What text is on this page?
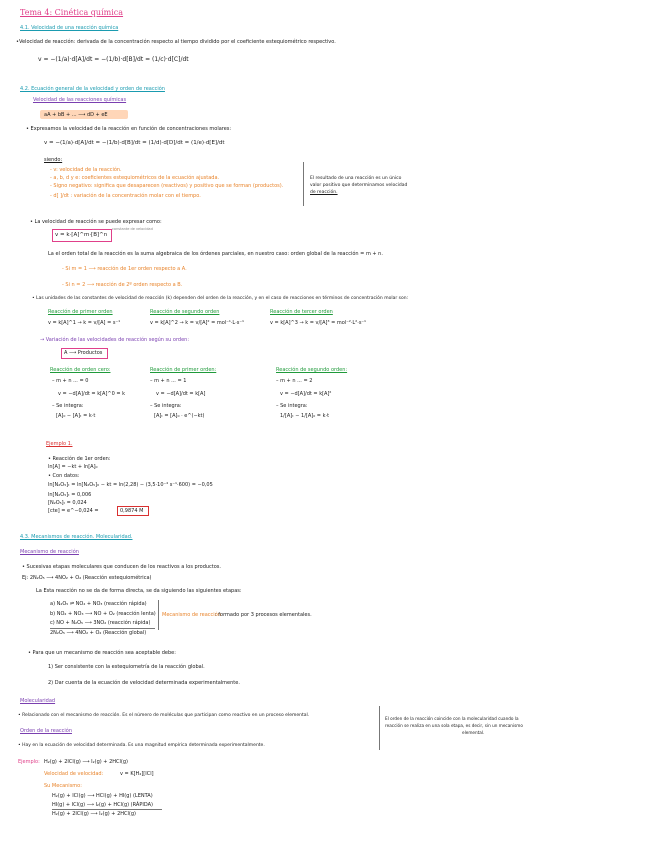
Tema 4: Cinética química
4.1. Velocidad de una reacción química
•Velocidad de reacción: derivada de la concentración respecto al tiempo dividido por el coeficiente estequiométrico respectivo.
v = −(1/a)·d[A]/dt = −(1/b)·d[B]/dt = (1/c)·d[C]/dt
4.2. Ecuación general de la velocidad y orden de reacción
Velocidad de las reacciones químicas
aA + bB + ... ⟶ dD + eE
• Expresamos la velocidad de la reacción en función de concentraciones molares:
v = −(1/a)·d[A]/dt = −(1/b)·d[B]/dt = (1/d)·d[D]/dt = (1/e)·d[E]/dt
siendo:
- v: velocidad de la reacción.
- a, b, d y e: coeficientes estequiométricos de la ecuación ajustada.
- Signo negativo: significa que desaparecen (reactivos) y positivo que se forman (productos).
- d[ ]/dt : variación de la concentración molar con el tiempo.
El resultado de una reacción es un único
valor positivo que determinamos velocidad
de reacción.
• La velocidad de reacción se puede expresar como:
v = k·[A]^m·[B]^n
constante de velocidad
La el orden total de la reacción es la suma algebraica de los órdenes parciales, en nuestro caso: orden global de la reacción = m + n.
- Si m = 1 ⟶ reacción de 1er orden respecto a A.
- Si n = 2 ⟶ reacción de 2º orden respecto a B.
• Las unidades de las constantes de velocidad de reacción (k) dependen del orden de la reacción, y en el caso de reacciones en términos de concentración molar son:
Reacción de primer orden
v = k[A]^1 → k = v/[A] = s⁻¹
Reacción de segundo orden
v = k[A]^2 → k = v/[A]² = mol⁻¹·L·s⁻¹
Reacción de tercer orden
v = k[A]^3 → k = v/[A]³ = mol⁻²·L²·s⁻¹
→ Variación de las velocidades de reacción según su orden:
A ⟶ Productos
Reacción de orden cero:
– m + n ... = 0
v = −d[A]/dt = k[A]^0 = k
– Se integra:
[A]₀ − [A]ₜ = k·t
Reacción de primer orden:
– m + n ... = 1
v = −d[A]/dt = k[A]
– Se integra:
[A]ₜ = [A]₀ · e^(−kt)
Reacción de segundo orden:
– m + n ... = 2
v = −d[A]/dt = k[A]²
– Se integra:
1/[A]ₜ − 1/[A]₀ = k·t
Ejemplo 1.
• Reacción de 1er orden:
ln[A] = −kt + ln[A]₀
• Con datos:
ln[N₂O₅]ₜ = ln[N₂O₅]₀ − kt = ln(2,28) − (3,5·10⁻⁴ s⁻¹·600) = −0,05
ln[N₂O₅]ₜ = 0,006
[N₂O₅]ₜ = 0,024
[cte] = e^−0,024 =	0,9874 M
4.3. Mecanismos de reacción. Molecularidad.
Mecanismo de reacción
• Sucesivas etapas moleculares que conducen de los reactivos a los productos.
Ej: 2N₂O₅ ⟶ 4NO₂ + O₂ (Reacción estequiométrica)
La Esta reacción no se da de forma directa, se da siguiendo las siguientes etapas:
a) N₂O₅ ⇌ NO₂ + NO₃ (reacción rápida)
b) NO₂ + NO₃ ⟶ NO + O₂ (reacción lenta)
c) NO + N₂O₅ ⟶ 3NO₂ (reacción rápida)
2N₂O₅ ⟶ 4NO₂ + O₂ (Reacción global)
Mecanismo de reacción
: formado por 3 procesos elementales.
• Para que un mecanismo de reacción sea aceptable debe:
1) Ser consistente con la estequiometría de la reacción global.
2) Dar cuenta de la ecuación de velocidad determinada experimentalmente.
Molecularidad
• Relacionado con el mecanismo de reacción. Es el número de moléculas que participan como reactivo en un proceso elemental.
Orden de la reacción
• Hay en la ecuación de velocidad determinada. Es una magnitud empírica determinada experimentalmente.
El orden de la reacción coincide con la molecularidad cuando la
reacción se realiza en una sola etapa, es decir, sin un mecanismo
elemental.
Ejemplo: H₂(g) + 2ICl(g) ⟶ I₂(g) + 2HCl(g)
Velocidad de velocidad:	v = K[H₂][ICl]
Su Mecanismo:
H₂(g) + ICl(g) ⟶ HCl(g) + HI(g) (LENTA)
HI(g) + ICl(g) ⟶ I₂(g) + HCl(g) (RÁPIDA)
H₂(g) + 2ICl(g) ⟶ I₂(g) + 2HCl(g)
